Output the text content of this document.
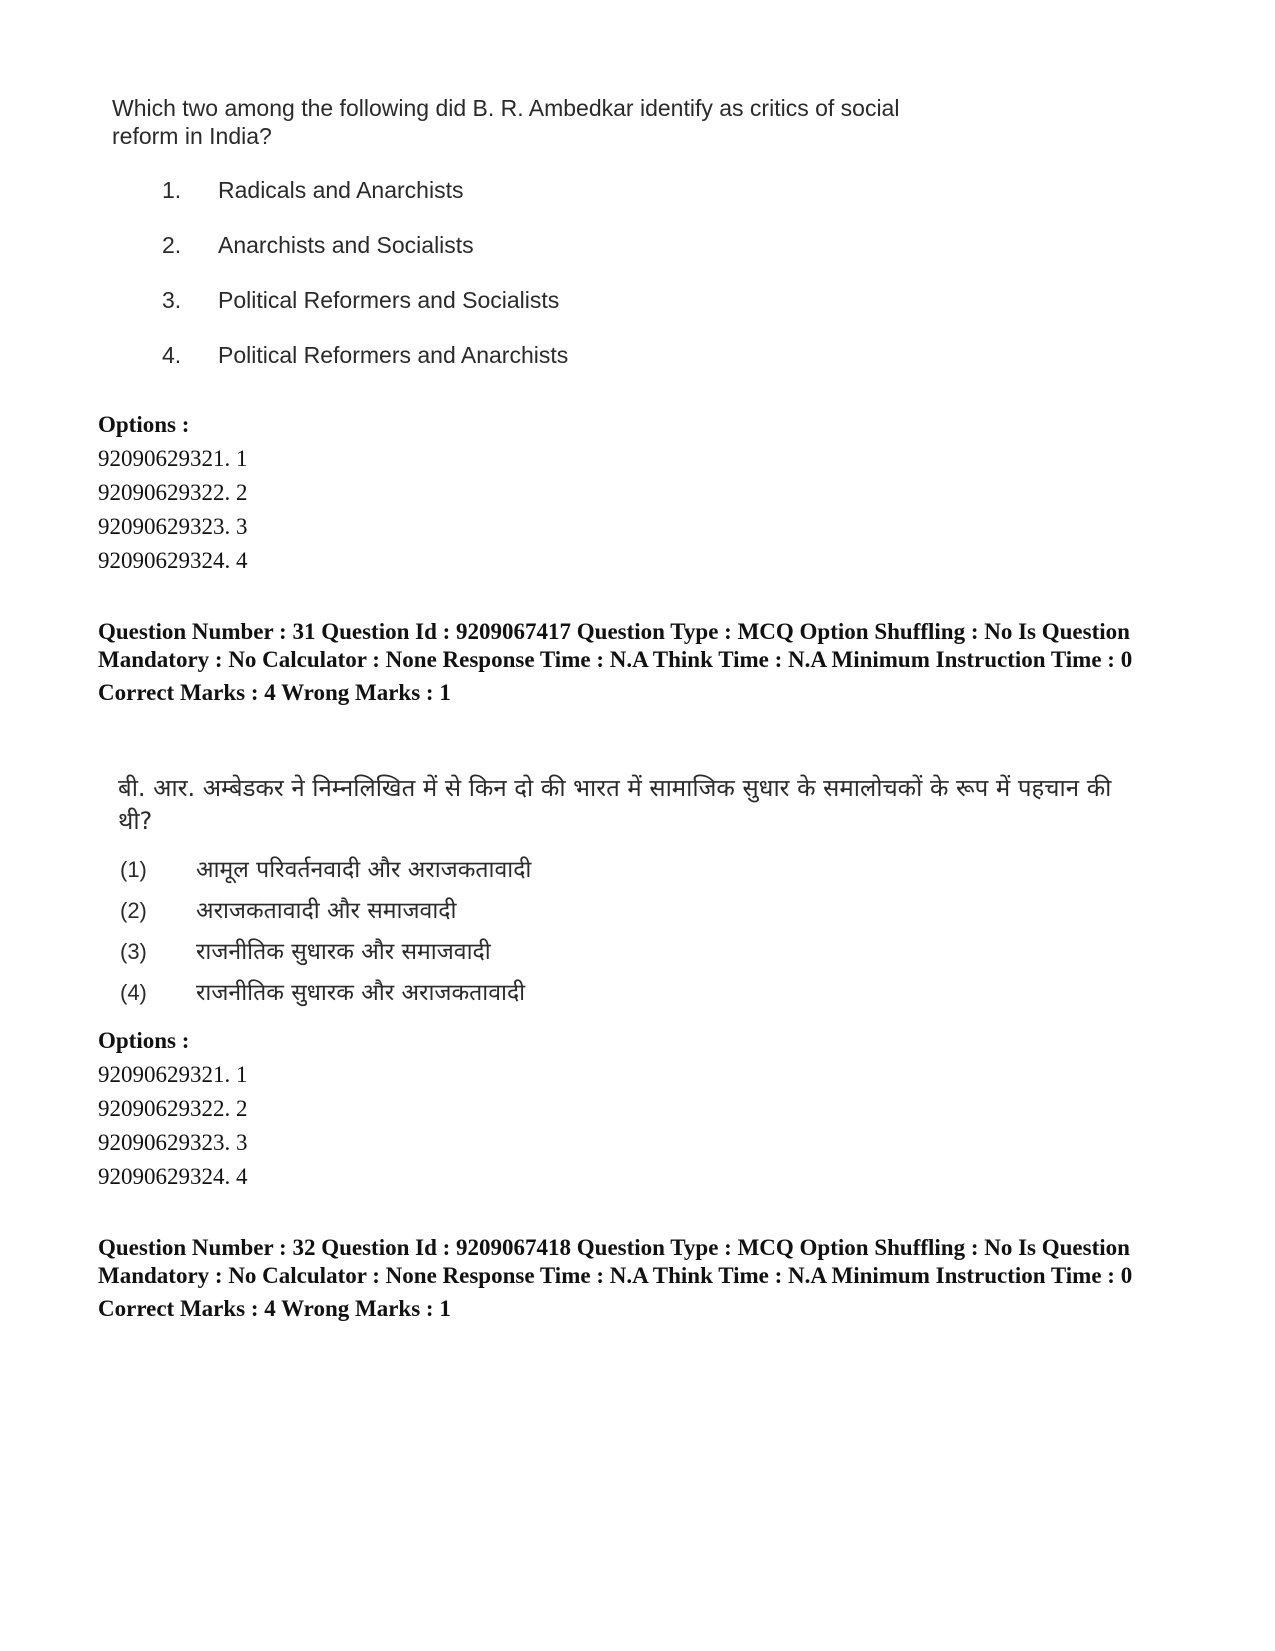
Which two among the following did B. R. Ambedkar identify as critics of social reform in India?

1.	Radicals and Anarchists
2.	Anarchists and Socialists
3.	Political Reformers and Socialists
4.	Political Reformers and Anarchists
Options :
92090629321. 1
92090629322. 2
92090629323. 3
92090629324. 4

Question Number : 31 Question Id : 9209067417 Question Type : MCQ Option Shuffling : No Is Question Mandatory : No Calculator : None Response Time : N.A Think Time : N.A Minimum Instruction Time : 0

Correct Marks : 4 Wrong Marks : 1

बी. आर. अम्बेडकर ने निम्नलिखित में से किन दो की भारत में सामाजिक सुधार के समालोचकों के रूप में पहचान की थी?

(1) आमूल परिवर्तनवादी और अराजकतावादी
(2) अराजकतावादी और समाजवादी
(3) राजनीतिक सुधारक और समाजवादी
(4) राजनीतिक सुधारक और अराजकतावादी
Options :
92090629321. 1
92090629322. 2
92090629323. 3
92090629324. 4

Question Number : 32 Question Id : 9209067418 Question Type : MCQ Option Shuffling : No Is Question Mandatory : No Calculator : None Response Time : N.A Think Time : N.A Minimum Instruction Time : 0

Correct Marks : 4 Wrong Marks : 1
